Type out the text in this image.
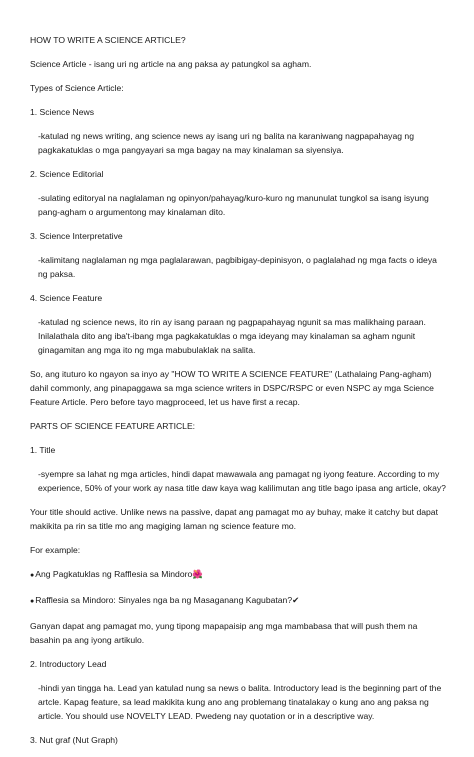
HOW TO WRITE A SCIENCE ARTICLE?
Science Article - isang uri ng article na ang paksa ay patungkol sa agham.
Types of Science Article:
1. Science News
-katulad ng news writing, ang science news ay isang uri ng balita na karaniwang nagpapahayag ng pagkakatuklas o mga pangyayari sa mga bagay na may kinalaman sa siyensiya.
2. Science Editorial
-sulating editoryal na naglalaman ng opinyon/pahayag/kuro-kuro ng manunulat tungkol sa isang isyung pang-agham o argumentong may kinalaman dito.
3. Science Interpretative
-kalimitang naglalaman ng mga paglalarawan, pagbibigay-depinisyon, o paglalahad ng mga facts o ideya ng paksa.
4. Science Feature
-katulad ng science news, ito rin ay isang paraan ng pagpapahayag ngunit sa mas malikhaing paraan. Inilalathala dito ang iba't-ibang mga pagkakatuklas o mga ideyang may kinalaman sa agham ngunit ginagamitan ang mga ito ng mga mabubulaklak na salita.
So, ang ituturo ko ngayon sa inyo ay "HOW TO WRITE A SCIENCE FEATURE" (Lathalaing Pang-agham) dahil commonly, ang pinapaggawa sa mga science writers in DSPC/RSPC or even NSPC ay mga Science Feature Article. Pero before tayo magproceed, let us have first a recap.
PARTS OF SCIENCE FEATURE ARTICLE:
1. Title
-syempre sa lahat ng mga articles, hindi dapat mawawala ang pamagat ng iyong feature. According to my experience, 50% of your work ay nasa title daw kaya wag kalilimutan ang title bago ipasa ang article, okay?
Your title should active. Unlike news na passive, dapat ang pamagat mo ay buhay, make it catchy but dapat makikita pa rin sa title mo ang magiging laman ng science feature mo.
For example:
● Ang Pagkatuklas ng Rafflesia sa Mindoro🌺
● Rafflesia sa Mindoro: Sinyales nga ba ng Masaganang Kagubatan?✔
Ganyan dapat ang pamagat mo, yung tipong mapapaisip ang mga mambabasa that will push them na basahin pa ang iyong artikulo.
2. Introductory Lead
-hindi yan tingga ha. Lead yan katulad nung sa news o balita. Introductory lead is the beginning part of the artcle. Kapag feature, sa lead makikita kung ano ang problemang tinatalakay o kung ano ang paksa ng article. You should use NOVELTY LEAD. Pwedeng nay quotation or in a descriptive way.
3. Nut graf (Nut Graph)
